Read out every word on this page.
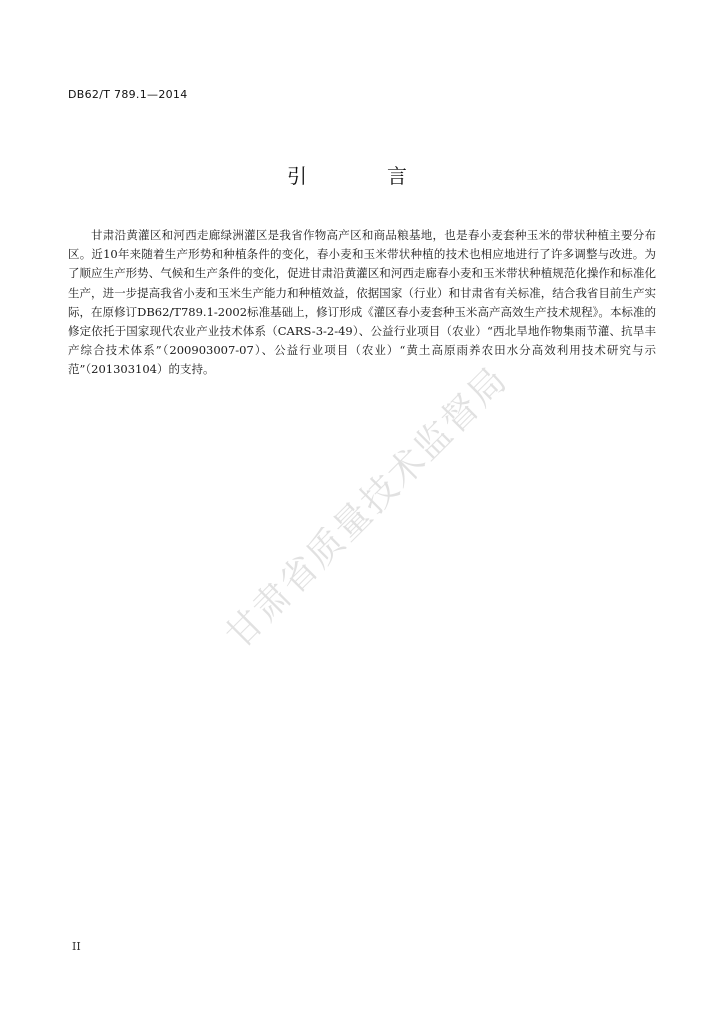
DB62/T 789.1—2014
引　言

甘肃沿黄灌区和河西走廊绿洲灌区是我省作物高产区和商品粮基地，也是春小麦套种玉米的带状种植主要分布区。近10年来随着生产形势和种植条件的变化，春小麦和玉米带状种植的技术也相应地进行了许多调整与改进。为了顺应生产形势、气候和生产条件的变化，促进甘肃沿黄灌区和河西走廊春小麦和玉米带状种植规范化操作和标准化生产，进一步提高我省小麦和玉米生产能力和种植效益，依据国家（行业）和甘肃省有关标准，结合我省目前生产实际，在原修订DB62/T789.1-2002标准基础上，修订形成《灌区春小麦套种玉米高产高效生产技术规程》。本标准的修定依托于国家现代农业产业技术体系（CARS-3-2-49）、公益行业项目（农业）“西北旱地作物集雨节灌、抗旱丰产综合技术体系”（200903007-07）、公益行业项目（农业）“黄土高原雨养农田水分高效利用技术研究与示范”（201303104）的支持。 甘肃省质量技术监督局
II
